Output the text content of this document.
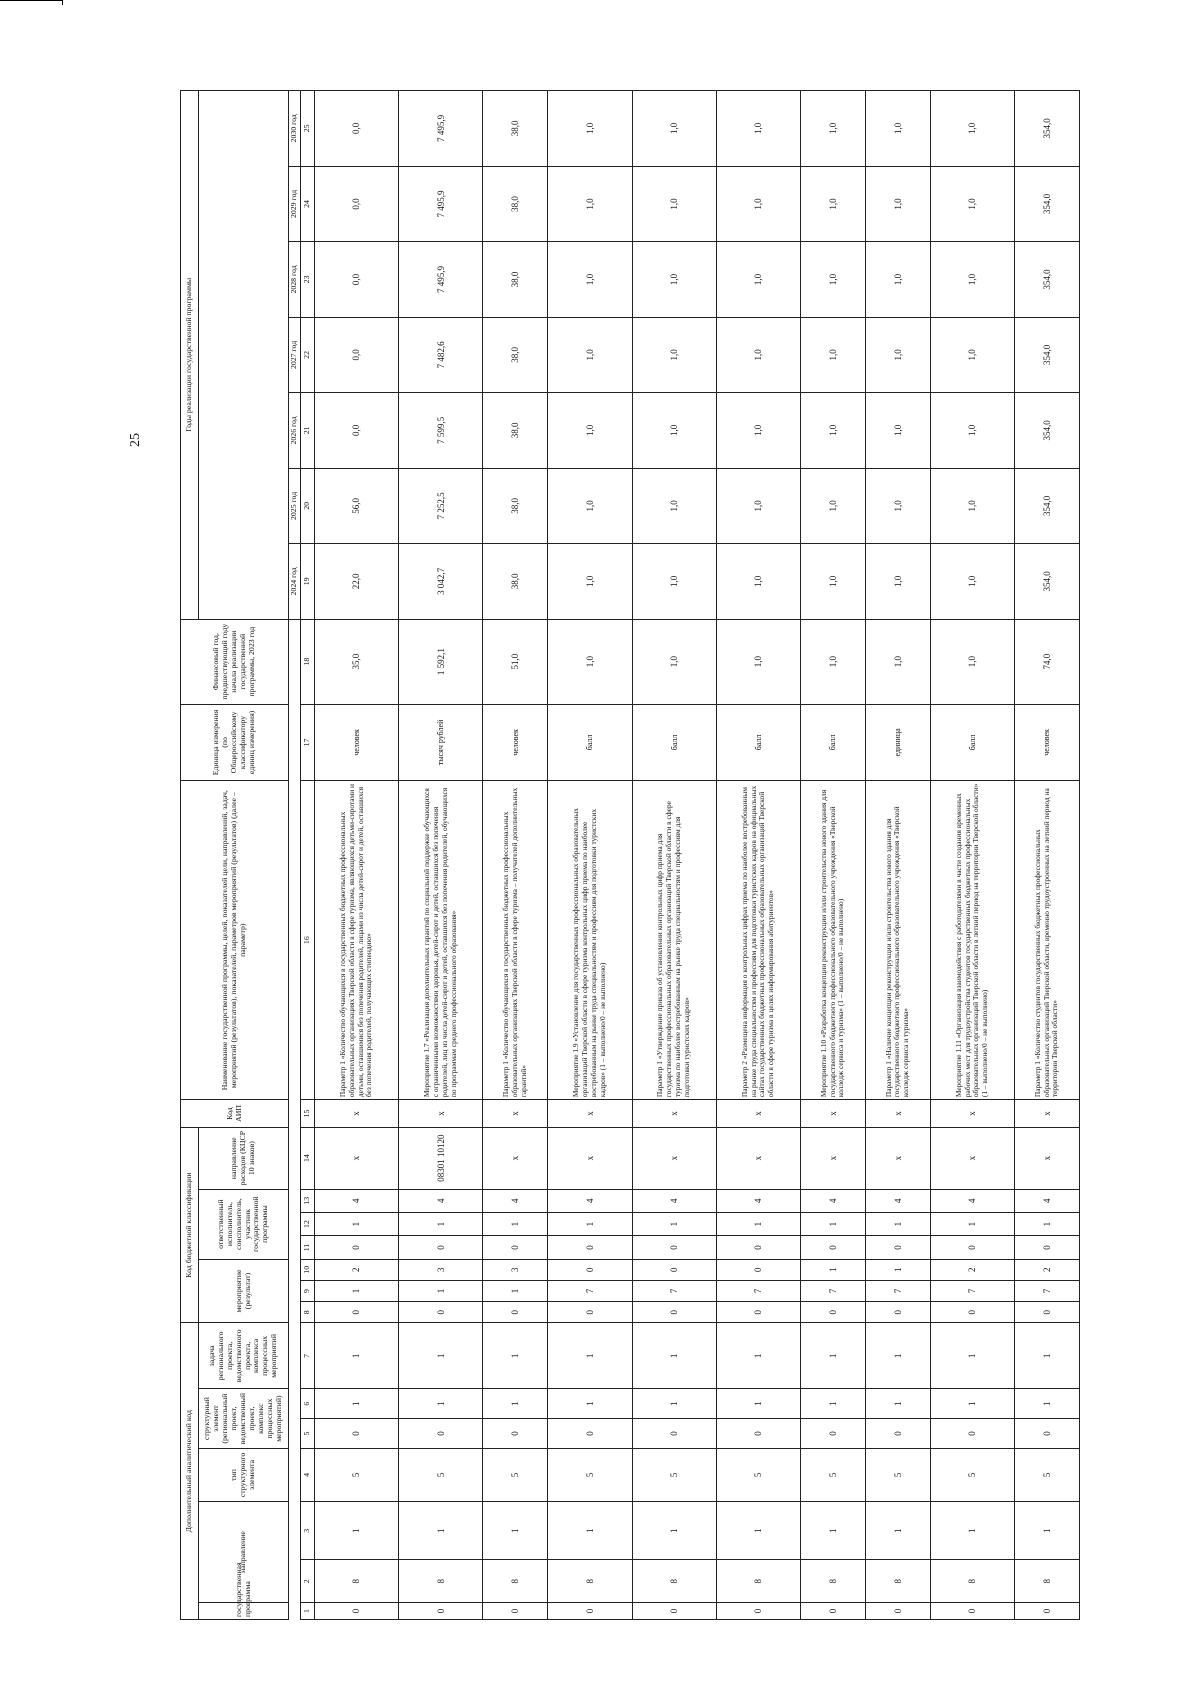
25
Дополнительный аналитический код							Код бюджетной классификации							Код АИП	Наименование государственной программы, целей, показателей цели, направлений, задач, мероприятий (результатов), показателей, параметров мероприятий (результатов) (далее – параметр)	Единица измерения (по Общероссийскому классификатору единиц измерения)	Финансовый год, предшествующий году начала реализации государственной программы, 2023 год	Годы реализации государственной программы						
государственная программа	направление		тип структурного элемента	структурный элемент (региональный проект, ведомственный проект, комплекс процессных мероприятий)		задача регионального проекта, ведомственного проекта, комплекса процессных мероприятий	мероприятие (результат)			ответственный исполнитель, соисполнитель, участник государственной программы			направление расходов (КЦСР 10 знаков)											

																		2024 год	2025 год	2026 год	2027 год	2028 год	2029 год	2030 год
1	2	3	4	5	6	7	8	9	10	11	12	13	14	15	16	17	18	19	20	21	22	23	24	25
0	8	1	5	0	1	1	0	1	2	0	1	4	х	х	Параметр 1 «Количество обучающихся в государственных бюджетных профессиональных образовательных организациях Тверской области в сфере туризма, являющихся детьми-сиротами и детьми, оставшимися без попечения родителей, лицами из числа детей-сирот и детей, оставшихся без попечения родителей, получающих стипендию»	человек	35,0	22,0	56,0	0,0	0,0	0,0	0,0	0,0
0	8	1	5	0	1	1	0	1	3	0	1	4	08301 10120	х	Мероприятие 1.7 «Реализация дополнительных гарантий по социальной поддержке обучающихся с ограниченными возможностями здоровья, детей-сирот и детей, оставшихся без попечения родителей, лиц из числа детей-сирот и детей, оставшихся без попечения родителей, обучающихся по программам среднего профессионального образования»	тысяч рублей	1 592,1	3 042,7	7 252,5	7 599,5	7 482,6	7 495,9	7 495,9	7 495,9
0	8	1	5	0	1	1	0	1	3	0	1	4	х	х	Параметр 1 «Количество обучающихся в государственных бюджетных профессиональных образовательных организациях Тверской области в сфере туризма – получателей дополнительных гарантий»	человек	51,0	38,0	38,0	38,0	38,0	38,0	38,0	38,0
0	8	1	5	0	1	1	0	7	0	0	1	4	х	х	Мероприятие 1.9 «Установление для государственных профессиональных образовательных организаций Тверской области в сфере туризма контрольных цифр приема по наиболее востребованным на рынке труда специальностям и профессиям для подготовки туристских кадров» (1 – выполнено/0 – не выполнено)	балл	1,0	1,0	1,0	1,0	1,0	1,0	1,0	1,0
0	8	1	5	0	1	1	0	7	0	0	1	4	х	х	Параметр 1 «Утверждение приказа об установлении контрольных цифр приема для государственных профессиональных образовательных организаций Тверской области в сфере туризма по наиболее востребованным на рынке труда специальностям и профессиям для подготовки туристских кадров»	балл	1,0	1,0	1,0	1,0	1,0	1,0	1,0	1,0
0	8	1	5	0	1	1	0	7	0	0	1	4	х	х	Параметр 2 «Размещена информация о контрольных цифрах приема по наиболее востребованным на рынке труда специальностям и профессиям для подготовки туристских кадров на официальных сайтах государственных бюджетных профессиональных образовательных организаций Тверской области в сфере туризма в целях информирования абитуриентов»	балл	1,0	1,0	1,0	1,0	1,0	1,0	1,0	1,0
0	8	1	5	0	1	1	0	7	1	0	1	4	х	х	Мероприятие 1.10 «Разработка концепции реконструкции и/или строительства нового здания для государственного бюджетного профессионального образовательного учреждения «Тверской колледж сервиса и туризма» (1 – выполнено/0 – не выполнено)	балл	1,0	1,0	1,0	1,0	1,0	1,0	1,0	1,0
0	8	1	5	0	1	1	0	7	1	0	1	4	х	х	Параметр 1 «Наличие концепции реконструкции и/или строительства нового здания для государственного бюджетного профессионального образовательного учреждения «Тверской колледж сервиса и туризма»	единица	1,0	1,0	1,0	1,0	1,0	1,0	1,0	1,0
0	8	1	5	0	1	1	0	7	2	0	1	4	х	х	Мероприятие 1.11 «Организация взаимодействия с работодателями в части создания временных рабочих мест для трудоустройства студентов государственных бюджетных профессиональных образовательных организаций Тверской области в летний период на территории Тверской области» (1 – выполнено/0 – не выполнено)	балл	1,0	1,0	1,0	1,0	1,0	1,0	1,0	1,0
0	8	1	5	0	1	1	0	7	2	0	1	4	х	х	Параметр 1 «Количество студентов государственных бюджетных профессиональных образовательных организаций Тверской области, временно трудоустроенных на летний период на территории Тверской области»	человек	74,0	354,0	354,0	354,0	354,0	354,0	354,0	354,0
